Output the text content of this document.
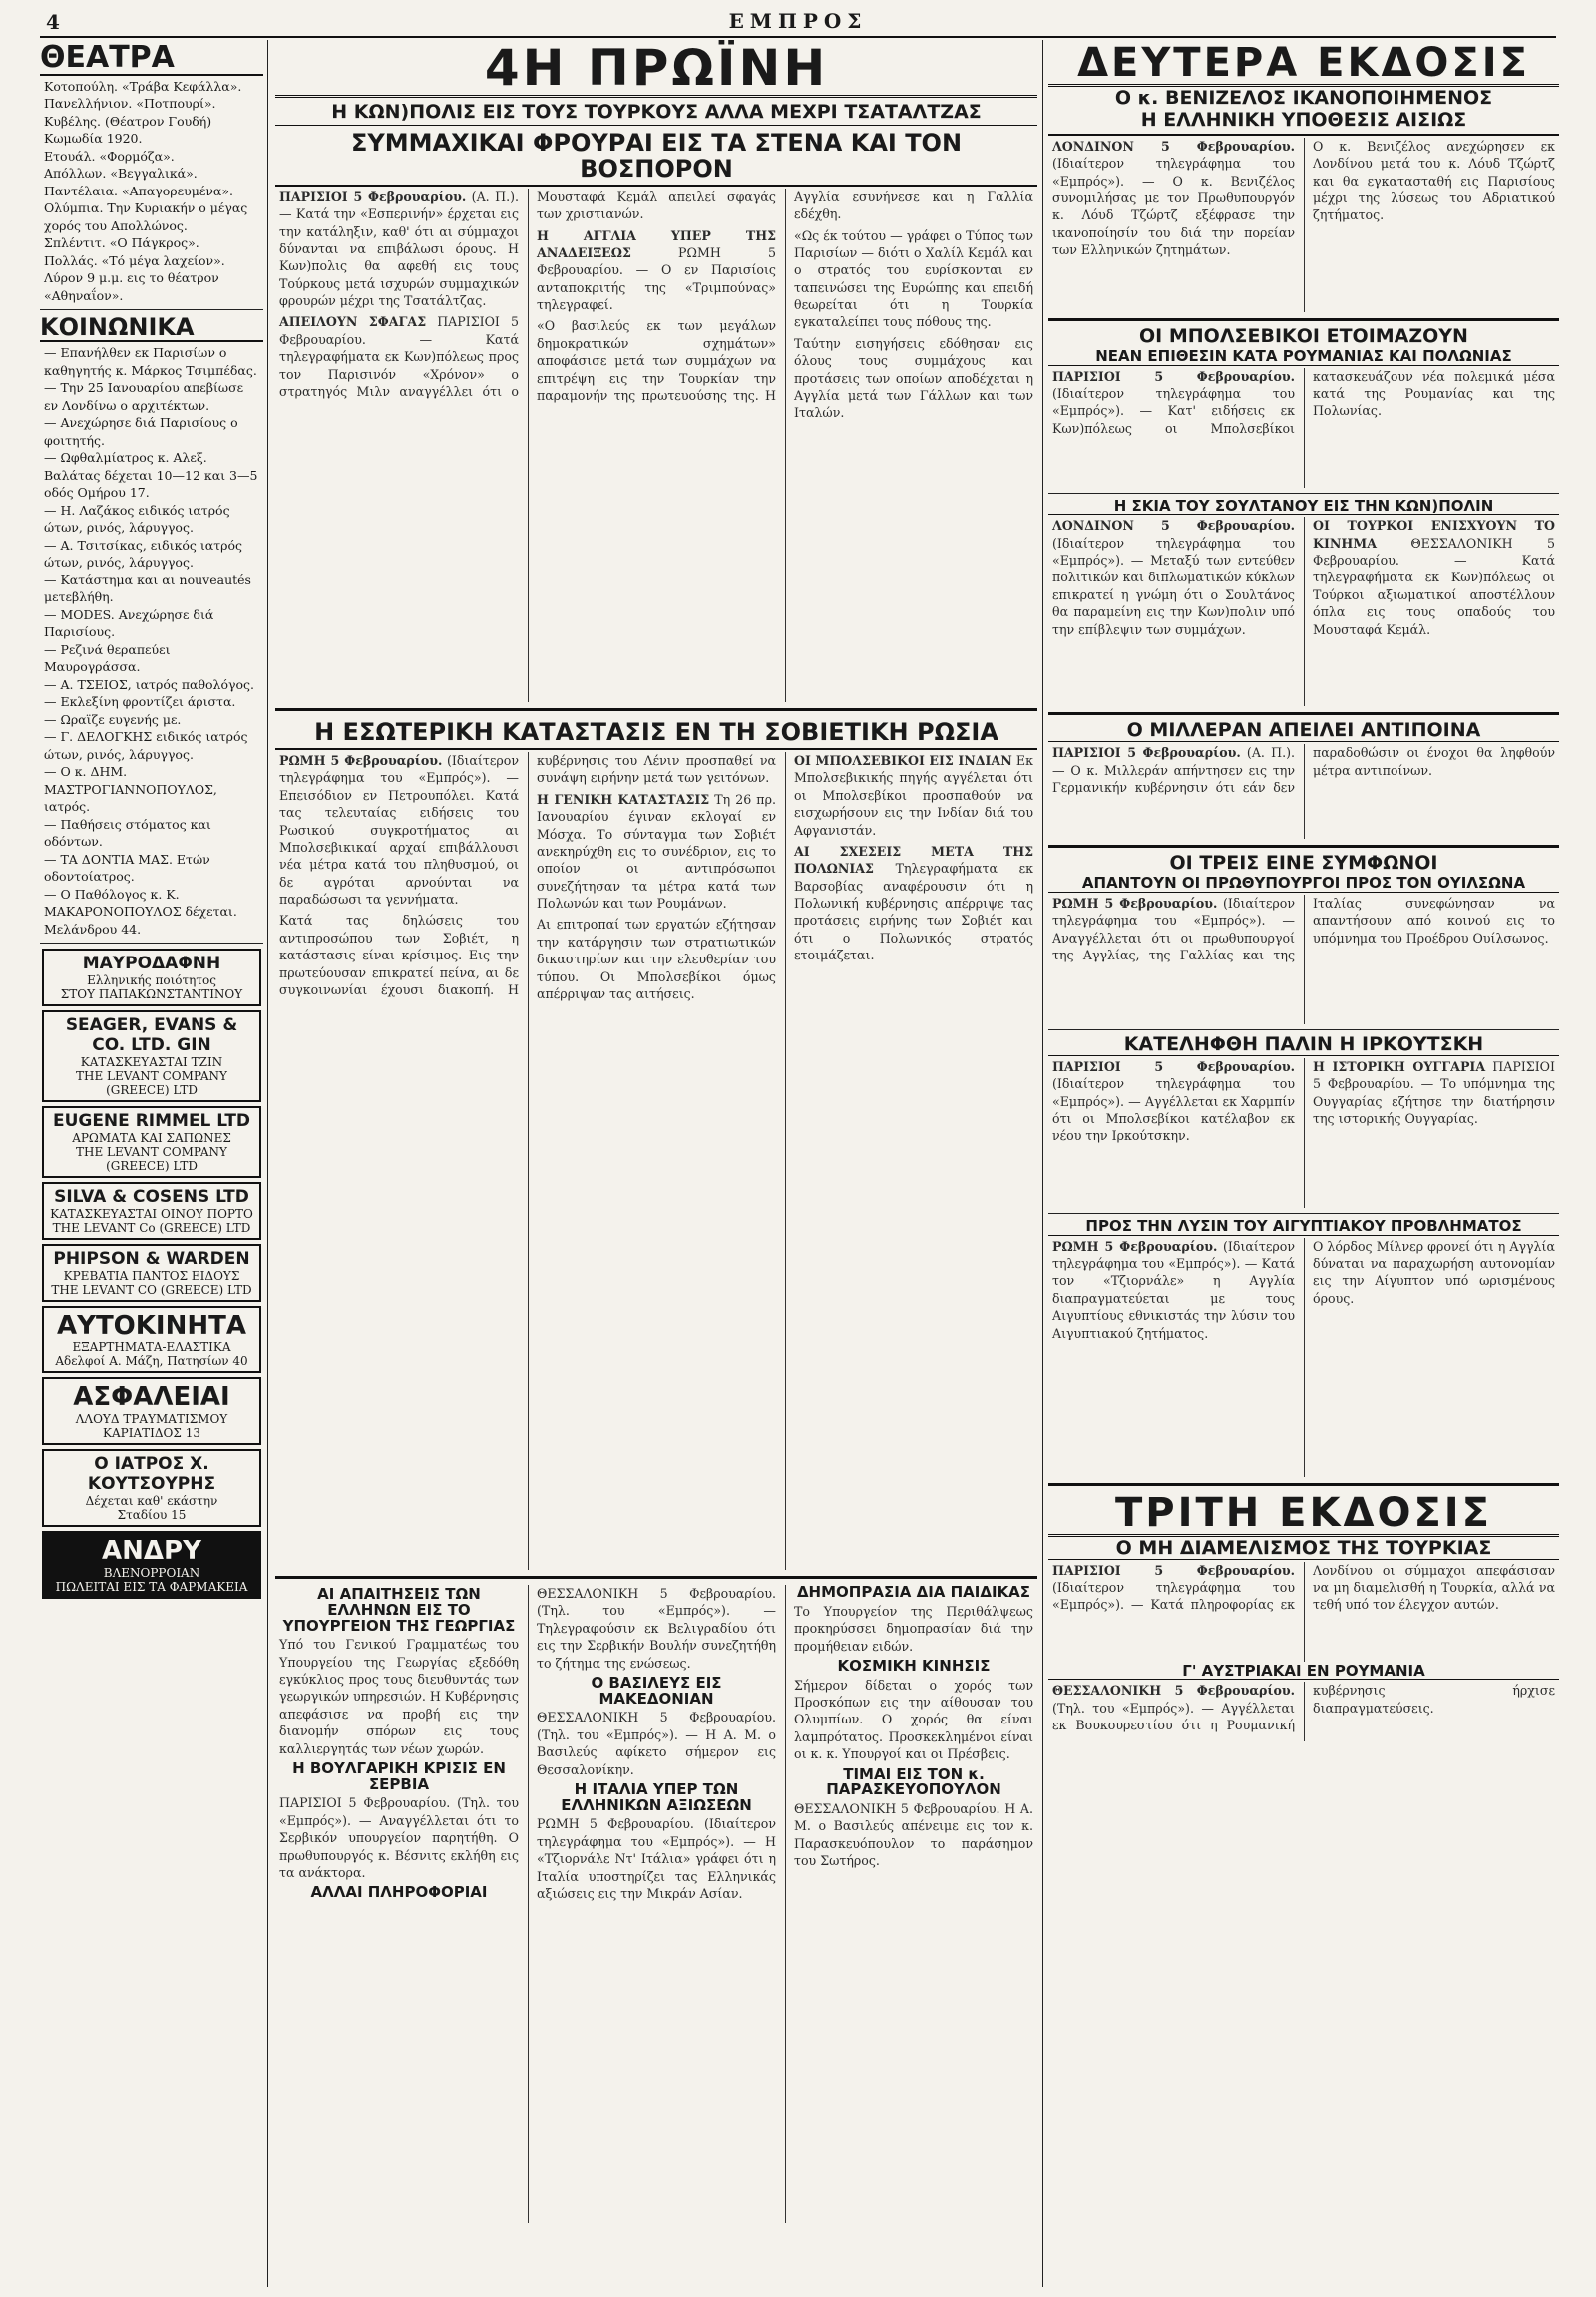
4	ΕΜΠΡΟΣ
ΘΕΑΤΡΑ
Κοτοπούλη. «Τράβα Κεφάλλα».
Πανελλήνιον. «Ποτπουρί».
Κυβέλης. (Θέατρον Γουδή) Κωμωδία 1920.
Ετουάλ. «Φορμόζα».
Απόλλων. «Βεγγαλικά».
Παντέλαια. «Απαγορευμένα».
Ολύμπια. Την Κυριακήν ο μέγας χορός του Απολλώνος.
Σπλέντιτ. «Ο Πάγκρος».
Πολλάς. «Τό μέγα λαχείον».
Λύρον 9 μ.μ. εις το θέατρον «Αθηναΐον».
ΚΟΙΝΩΝΙΚΑ
— Επανήλθεν εκ Παρισίων ο καθηγητής κ. Μάρκος Τσιμπέδας.
— Την 25 Ιανουαρίου απεβίωσε εν Λονδίνω ο αρχιτέκτων.
— Ανεχώρησε διά Παρισίους ο φοιτητής.
— Ωφθαλμίατρος κ. Αλεξ. Βαλάτας δέχεται 10—12 και 3—5 οδός Ομήρου 17.
— Η. Λαζάκος ειδικός ιατρός ώτων, ρινός, λάρυγγος.
— Α. Τσιτσίκας, ειδικός ιατρός ώτων, ρινός, λάρυγγος.
— Κατάστημα και αι nouveautés μετεβλήθη.
— MODES. Ανεχώρησε διά Παρισίους.
— Ρεζινά θεραπεύει Μαυρογράσσα.
— Α. ΤΣΕΙΟΣ, ιατρός παθολόγος.
— Εκλεξίνη φροντίζει άριστα.
— Ωραϊζε ευγενής με.
— Γ. ΔΕΛΟΓΚΗΣ ειδικός ιατρός ώτων, ρινός, λάρυγγος.
— Ο κ. ΔΗΜ. ΜΑΣΤΡΟΓΙΑΝΝΟΠΟΥΛΟΣ, ιατρός.
— Παθήσεις στόματος και οδόντων.
— ΤΑ ΔΟΝΤΙΑ ΜΑΣ. Ετών οδοντοίατρος.
— Ο Παθόλογος κ. Κ. ΜΑΚΑΡΟΝΟΠΟΥΛΟΣ δέχεται.
Μελάνδρου 44.
ΜΑΥΡΟΔΑΦΝΗ
Ελληνικής ποιότητος
ΣΤΟΥ ΠΑΠΑΚΩΝΣΤΑΝΤΙΝΟΥ
SEAGER, EVANS & CO. LTD. GIN
ΚΑΤΑΣΚΕΥΑΣΤΑΙ ΤΖΙΝ
THE LEVANT COMPANY (GREECE) LTD
EUGENE RIMMEL LTD
ΑΡΩΜΑΤΑ ΚΑΙ ΣΑΠΩΝΕΣ
THE LEVANT COMPANY (GREECE) LTD
SILVA & COSENS LTD
ΚΑΤΑΣΚΕΥΑΣΤΑΙ ΟΙΝΟΥ ΠΟΡΤΟ
THE LEVANT Co (GREECE) LTD
PHIPSON & WARDEN
ΚΡΕΒΑΤΙΑ ΠΑΝΤΟΣ ΕΙΔΟΥΣ
THE LEVANT CO (GREECE) LTD
ΑΥΤΟΚΙΝΗΤΑ
ΕΞΑΡΤΗΜΑΤΑ-ΕΛΑΣΤΙΚΑ
Αδελφοί Α. Μάζη, Πατησίων 40
ΑΣΦΑΛΕΙΑΙ
ΛΛΟΥΔ ΤΡΑΥΜΑΤΙΣΜΟΥ
ΚΑΡΙΑΤΙΔΟΣ 13
Ο ΙΑΤΡΟΣ Χ. ΚΟΥΤΣΟΥΡΗΣ
Δέχεται καθ' εκάστην
Σταδίου 15
ΑΝΔΡΥ
ΒΛΕΝΟΡΡΟΙΑΝ
ΠΩΛΕΙΤΑΙ ΕΙΣ ΤΑ ΦΑΡΜΑΚΕΙΑ
4Η ΠΡΩΪΝΗ
Η ΚΩΝ)ΠΟΛΙΣ ΕΙΣ ΤΟΥΣ ΤΟΥΡΚΟΥΣ ΑΛΛΑ ΜΕΧΡΙ ΤΣΑΤΑΛΤΖΑΣ
ΣΥΜΜΑΧΙΚΑΙ ΦΡΟΥΡΑΙ ΕΙΣ ΤΑ ΣΤΕΝΑ ΚΑΙ ΤΟΝ ΒΟΣΠΟΡΟΝ

ΠΑΡΙΣΙΟΙ 5 Φεβρουαρίου. (Α. Π.). — Κατά την «Εσπερινήν» έρχεται εις την κατάληξιν, καθ' ότι αι σύμμαχοι δύνανται να επιβάλωσι όρους. Η Κων)πολις θα αφεθή εις τους Τούρκους μετά ισχυρών συμμαχικών φρουρών μέχρι της Τσατάλτζας.

ΑΠΕΙΛΟΥΝ ΣΦΑΓΑΣ ΠΑΡΙΣΙΟΙ 5 Φεβρουαρίου. — Κατά τηλεγραφήματα εκ Κων)πόλεως προς τον Παρισινόν «Χρόνον» ο στρατηγός Μιλν αναγγέλλει ότι ο Μουσταφά Κεμάλ απειλεί σφαγάς των χριστιανών.

Η ΑΓΓΛΙΑ ΥΠΕΡ ΤΗΣ ΑΝΑΔΕΙΞΕΩΣ	ΡΩΜΗ 5 Φεβρουαρίου. — Ο εν Παρισίοις ανταποκριτής της «Τριμπούνας» τηλεγραφεί.

«Ο βασιλεύς εκ των μεγάλων δημοκρατικών σχημάτων» αποφάσισε μετά των συμμάχων να επιτρέψη εις την Τουρκίαν την παραμονήν της πρωτευούσης της. Η Αγγλία εσυνήνεσε και η Γαλλία εδέχθη.

«Ως έκ τούτου — γράφει ο Τύπος των Παρισίων — διότι ο Χαλίλ Κεμάλ και ο στρατός του ευρίσκονται εν ταπεινώσει της Ευρώπης και επειδή θεωρείται ότι η Τουρκία εγκαταλείπει τους πόθους της.

Ταύτην εισηγήσεις εδόθησαν εις όλους τους συμμάχους και προτάσεις των οποίων αποδέχεται η Αγγλία μετά των Γάλλων και των Ιταλών.

Η ΕΣΩΤΕΡΙΚΗ ΚΑΤΑΣΤΑΣΙΣ ΕΝ ΤΗ ΣΟΒΙΕΤΙΚΗ ΡΩΣΙΑ

ΡΩΜΗ 5 Φεβρουαρίου. (Ιδιαίτερον τηλεγράφημα του «Εμπρός»). — Επεισόδιον εν Πετρουπόλει. Κατά τας τελευταίας ειδήσεις του Ρωσικού συγκροτήματος αι Μπολσεβικικαί αρχαί επιβάλλουσι νέα μέτρα κατά του πληθυσμού, οι δε αγρόται αρνούνται να παραδώσωσι τα γεννήματα.

Κατά τας δηλώσεις του αντιπροσώπου των Σοβιέτ, η κατάστασις είναι κρίσιμος. Εις την πρωτεύουσαν επικρατεί πείνα, αι δε συγκοινωνίαι έχουσι διακοπή. Η κυβέρνησις του Λένιν προσπαθεί να συνάψη ειρήνην μετά των γειτόνων.

Η ΓΕΝΙΚΗ ΚΑΤΑΣΤΑΣΙΣ Τη 26 πρ. Ιανουαρίου έγιναν εκλογαί εν Μόσχα. Το σύνταγμα των Σοβιέτ ανεκηρύχθη εις το συνέδριον, εις το οποίον οι αντιπρόσωποι συνεζήτησαν τα μέτρα κατά των Πολωνών και των Ρουμάνων.

Αι επιτροπαί των εργατών εζήτησαν την κατάργησιν των στρατιωτικών δικαστηρίων και την ελευθερίαν του τύπου. Οι Μπολσεβίκοι όμως απέρριψαν τας αιτήσεις.

ΟΙ ΜΠΟΛΣΕΒΙΚΟΙ ΕΙΣ ΙΝΔΙΑΝ Εκ Μπολσεβικικής πηγής αγγέλεται ότι οι Μπολσεβίκοι προσπαθούν να εισχωρήσουν εις την Ινδίαν διά του Αφγανιστάν.

ΑΙ ΣΧΕΣΕΙΣ ΜΕΤΑ ΤΗΣ ΠΟΛΩΝΙΑΣ Τηλεγραφήματα εκ Βαρσοβίας αναφέρουσιν ότι η Πολωνική κυβέρνησις απέρριψε τας προτάσεις ειρήνης των Σοβιέτ και ότι ο Πολωνικός στρατός ετοιμάζεται.

ΑΙ ΑΠΑΙΤΗΣΕΙΣ ΤΩΝ ΕΛΛΗΝΩΝ ΕΙΣ ΤΟ ΥΠΟΥΡΓΕΙΟΝ ΤΗΣ ΓΕΩΡΓΙΑΣ

Υπό του Γενικού Γραμματέως του Υπουργείου της Γεωργίας εξεδόθη εγκύκλιος προς τους διευθυντάς των γεωργικών υπηρεσιών. Η Κυβέρνησις απεφάσισε να προβή εις την διανομήν σπόρων εις τους καλλιεργητάς των νέων χωρών.

Η ΒΟΥΛΓΑΡΙΚΗ ΚΡΙΣΙΣ ΕΝ ΣΕΡΒΙΑ

ΠΑΡΙΣΙΟΙ 5 Φεβρουαρίου. (Τηλ. του «Εμπρός»). — Αναγγέλλεται ότι το Σερβικόν υπουργείον παρητήθη. Ο πρωθυπουργός κ. Βέσνιτς εκλήθη εις τα ανάκτορα.

ΑΛΛΑΙ ΠΛΗΡΟΦΟΡΙΑΙ

ΘΕΣΣΑΛΟΝΙΚΗ 5 Φεβρουαρίου. (Τηλ. του «Εμπρός»). — Τηλεγραφούσιν εκ Βελιγραδίου ότι εις την Σερβικήν Βουλήν συνεζητήθη το ζήτημα της ενώσεως.

Ο ΒΑΣΙΛΕΥΣ ΕΙΣ ΜΑΚΕΔΟΝΙΑΝ

ΘΕΣΣΑΛΟΝΙΚΗ 5 Φεβρουαρίου. (Τηλ. του «Εμπρός»). — Η Α. Μ. ο Βασιλεύς αφίκετο σήμερον εις Θεσσαλονίκην.

Η ΙΤΑΛΙΑ ΥΠΕΡ ΤΩΝ ΕΛΛΗΝΙΚΩΝ ΑΞΙΩΣΕΩΝ

ΡΩΜΗ 5 Φεβρουαρίου. (Ιδιαίτερον τηλεγράφημα του «Εμπρός»). — Η «Τζιορνάλε Ντ' Ιτάλια» γράφει ότι η Ιταλία υποστηρίζει τας Ελληνικάς αξιώσεις εις την Μικράν Ασίαν.

ΔΗΜΟΠΡΑΣΙΑ ΔΙΑ ΠΑΙΔΙΚΑΣ

Το Υπουργείον της Περιθάλψεως προκηρύσσει δημοπρασίαν διά την προμήθειαν ειδών.

ΚΟΣΜΙΚΗ ΚΙΝΗΣΙΣ

Σήμερον δίδεται ο χορός των Προσκόπων εις την αίθουσαν του Ολυμπίων. Ο χορός θα είναι λαμπρότατος. Προσκεκλημένοι είναι οι κ. κ. Υπουργοί και οι Πρέσβεις.

ΤΙΜΑΙ ΕΙΣ ΤΟΝ κ. ΠΑΡΑΣΚΕΥΟΠΟΥΛΟΝ

ΘΕΣΣΑΛΟΝΙΚΗ 5 Φεβρουαρίου. Η Α. Μ. ο Βασιλεύς απένειμε εις τον κ. Παρασκευόπουλον το παράσημον του Σωτήρος.

ΔΕΥΤΕΡΑ ΕΚΔΟΣΙΣ
Ο κ. ΒΕΝΙΖΕΛΟΣ ΙΚΑΝΟΠΟΙΗΜΕΝΟΣ
Η ΕΛΛΗΝΙΚΗ ΥΠΟΘΕΣΙΣ ΑΙΣΙΩΣ

ΛΟΝΔΙΝΟΝ 5 Φεβρουαρίου. (Ιδιαίτερον τηλεγράφημα του «Εμπρός»). — Ο κ. Βενιζέλος συνομιλήσας με τον Πρωθυπουργόν κ. Λόυδ Τζώρτζ εξέφρασε την ικανοποίησίν του διά την πορείαν των Ελληνικών ζητημάτων.

Ο κ. Βενιζέλος ανεχώρησεν εκ Λονδίνου μετά του κ. Λόυδ Τζώρτζ και θα εγκατασταθή εις Παρισίους μέχρι της λύσεως του Αδριατικού ζητήματος.

ΟΙ ΜΠΟΛΣΕΒΙΚΟΙ ΕΤΟΙΜΑΖΟΥΝ
ΝΕΑΝ ΕΠΙΘΕΣΙΝ ΚΑΤΑ ΡΟΥΜΑΝΙΑΣ ΚΑΙ ΠΟΛΩΝΙΑΣ

ΠΑΡΙΣΙΟΙ 5 Φεβρουαρίου. (Ιδιαίτερον τηλεγράφημα του «Εμπρός»). — Κατ' ειδήσεις εκ Κων)πόλεως οι Μπολσεβίκοι κατασκευάζουν νέα πολεμικά μέσα κατά της Ρουμανίας και της Πολωνίας.

Η ΣΚΙΑ ΤΟΥ ΣΟΥΛΤΑΝΟΥ ΕΙΣ ΤΗΝ ΚΩΝ)ΠΟΛΙΝ

ΛΟΝΔΙΝΟΝ 5 Φεβρουαρίου. (Ιδιαίτερον τηλεγράφημα του «Εμπρός»). — Μεταξύ των εντεύθεν πολιτικών και διπλωματικών κύκλων επικρατεί η γνώμη ότι ο Σουλτάνος θα παραμείνη εις την Κων)πολιν υπό την επίβλεψιν των συμμάχων.

ΟΙ ΤΟΥΡΚΟΙ ΕΝΙΣΧΥΟΥΝ ΤΟ ΚΙΝΗΜΑ	ΘΕΣΣΑΛΟΝΙΚΗ 5 Φεβρουαρίου. — Κατά τηλεγραφήματα εκ Κων)πόλεως οι Τούρκοι αξιωματικοί αποστέλλουν όπλα εις τους οπαδούς του Μουσταφά Κεμάλ.

Ο ΜΙΛΛΕΡΑΝ ΑΠΕΙΛΕΙ ΑΝΤΙΠΟΙΝΑ

ΠΑΡΙΣΙΟΙ 5 Φεβρουαρίου. (Α. Π.). — Ο κ. Μιλλεράν απήντησεν εις την Γερμανικήν κυβέρνησιν ότι εάν δεν παραδοθώσιν οι ένοχοι θα ληφθούν μέτρα αντιποίνων.

ΟΙ ΤΡΕΙΣ ΕΙΝΕ ΣΥΜΦΩΝΟΙ
ΑΠΑΝΤΟΥΝ ΟΙ ΠΡΩΘΥΠΟΥΡΓΟΙ ΠΡΟΣ ΤΟΝ ΟΥΙΛΣΩΝΑ

ΡΩΜΗ 5 Φεβρουαρίου. (Ιδιαίτερον τηλεγράφημα του «Εμπρός»). — Αναγγέλλεται ότι οι πρωθυπουργοί της Αγγλίας, της Γαλλίας και της Ιταλίας συνεφώνησαν να απαντήσουν από κοινού εις το υπόμνημα του Προέδρου Ουίλσωνος.

ΚΑΤΕΛΗΦΘΗ ΠΑΛΙΝ Η ΙΡΚΟΥΤΣΚΗ

ΠΑΡΙΣΙΟΙ 5 Φεβρουαρίου. (Ιδιαίτερον τηλεγράφημα του «Εμπρός»). — Αγγέλλεται εκ Χαρμπίν ότι οι Μπολσεβίκοι κατέλαβον εκ νέου την Ιρκούτσκην.

Η ΙΣΤΟΡΙΚΗ ΟΥΓΓΑΡΙΑ ΠΑΡΙΣΙΟΙ 5 Φεβρουαρίου. — Το υπόμνημα της Ουγγαρίας εζήτησε την διατήρησιν της ιστορικής Ουγγαρίας.

ΠΡΟΣ ΤΗΝ ΛΥΣΙΝ ΤΟΥ ΑΙΓΥΠΤΙΑΚΟΥ ΠΡΟΒΛΗΜΑΤΟΣ

ΡΩΜΗ 5 Φεβρουαρίου. (Ιδιαίτερον τηλεγράφημα του «Εμπρός»). — Κατά τον «Τζιορνάλε» η Αγγλία διαπραγματεύεται με τους Αιγυπτίους εθνικιστάς την λύσιν του Αιγυπτιακού ζητήματος.

Ο λόρδος Μίλνερ φρονεί ότι η Αγγλία δύναται να παραχωρήση αυτονομίαν εις την Αίγυπτον υπό ωρισμένους όρους.

ΤΡΙΤΗ ΕΚΔΟΣΙΣ
Ο ΜΗ ΔΙΑΜΕΛΙΣΜΟΣ ΤΗΣ ΤΟΥΡΚΙΑΣ

ΠΑΡΙΣΙΟΙ 5 Φεβρουαρίου. (Ιδιαίτερον τηλεγράφημα του «Εμπρός»). — Κατά πληροφορίας εκ Λονδίνου οι σύμμαχοι απεφάσισαν να μη διαμελισθή η Τουρκία, αλλά να τεθή υπό τον έλεγχον αυτών.

Γ' ΑΥΣΤΡΙΑΚΑΙ ΕΝ ΡΟΥΜΑΝΙΑ

ΘΕΣΣΑΛΟΝΙΚΗ 5 Φεβρουαρίου. (Τηλ. του «Εμπρός»). — Αγγέλλεται εκ Βουκουρεστίου ότι η Ρουμανική κυβέρνησις ήρχισε διαπραγματεύσεις.
